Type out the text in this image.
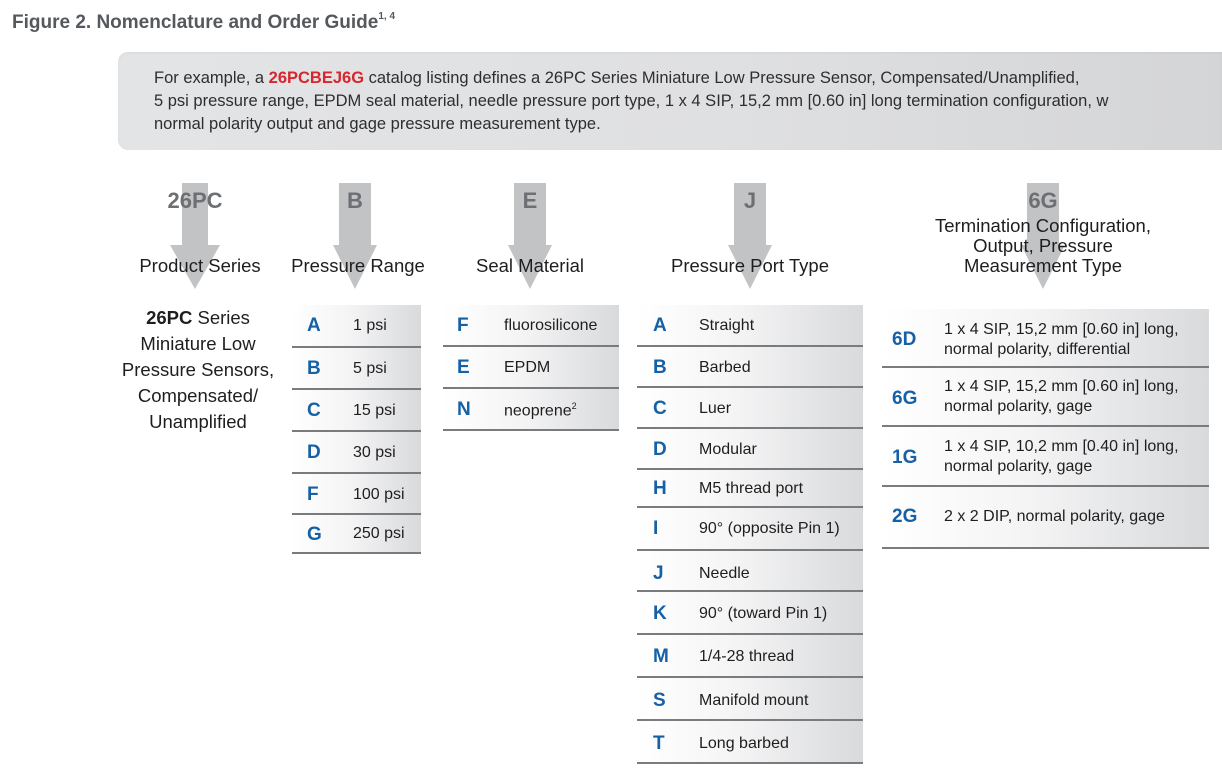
Figure 2. Nomenclature and Order Guide$^{1, 4}$

For example, a 26PCBEJ6G catalog listing defines a 26PC Series Miniature Low Pressure Sensor, Compensated/Unamplified,
5 psi pressure range, EPDM seal material, needle pressure port type, 1 x 4 SIP, 15,2 mm [0.60 in] long termination configuration, w
normal polarity output and gage pressure measurement type.

26PC	B	E	J	6G
Product Series	Pressure Range	Seal Material	Pressure Port Type
Termination Configuration,
Output, Pressure
Measurement Type
26PC Series
Miniature Low
Pressure Sensors,
Compensated/
Unamplified
A 1 psi
B 5 psi
C 15 psi
D 30 psi
F 100 psi
G 250 psi
F fluorosilicone
E EPDM
N neoprene$^2$
A Straight
B Barbed
C Luer
D Modular
H M5 thread port
I	90° (opposite Pin 1)
J Needle
K 90° (toward Pin 1)
M 1/4-28 thread
S Manifold mount
T Long barbed
6D 1 x 4 SIP, 15,2 mm [0.60 in] long,
normal polarity, differential
6G
1 x 4 SIP, 15,2 mm [0.60 in] long,
normal polarity, gage
1G
1 x 4 SIP, 10,2 mm [0.40 in] long,
normal polarity, gage
2G 2 x 2 DIP, normal polarity, gage
